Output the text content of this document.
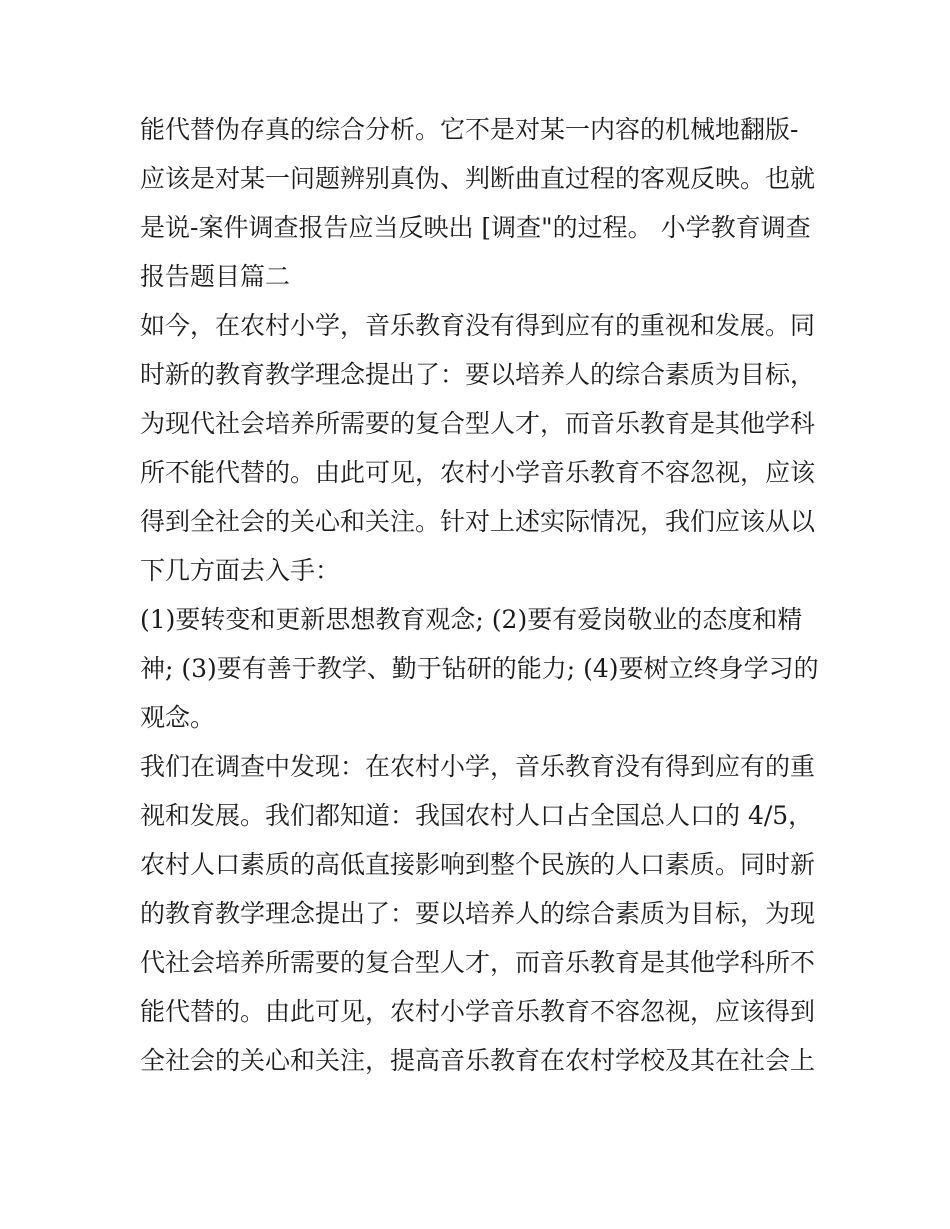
能代替伪存真的综合分析。它不是对某一内容的机械地翻版-
应该是对某一问题辨别真伪、判断曲直过程的客观反映。也就
是说-案件调查报告应当反映出 [调查"的过程。 小学教育调查
报告题目篇二
如今，在农村小学，音乐教育没有得到应有的重视和发展。同
时新的教育教学理念提出了：要以培养人的综合素质为目标，
为现代社会培养所需要的复合型人才，而音乐教育是其他学科
所不能代替的。由此可见，农村小学音乐教育不容忽视，应该
得到全社会的关心和关注。针对上述实际情况，我们应该从以
下几方面去入手：
(1)要转变和更新思想教育观念; (2)要有爱岗敬业的态度和精
神; (3)要有善于教学、勤于钻研的能力; (4)要树立终身学习的
观念。
我们在调查中发现：在农村小学，音乐教育没有得到应有的重
视和发展。我们都知道：我国农村人口占全国总人口的 4/5，
农村人口素质的高低直接影响到整个民族的人口素质。同时新
的教育教学理念提出了：要以培养人的综合素质为目标，为现
代社会培养所需要的复合型人才，而音乐教育是其他学科所不
能代替的。由此可见，农村小学音乐教育不容忽视，应该得到
全社会的关心和关注，提高音乐教育在农村学校及其在社会上
